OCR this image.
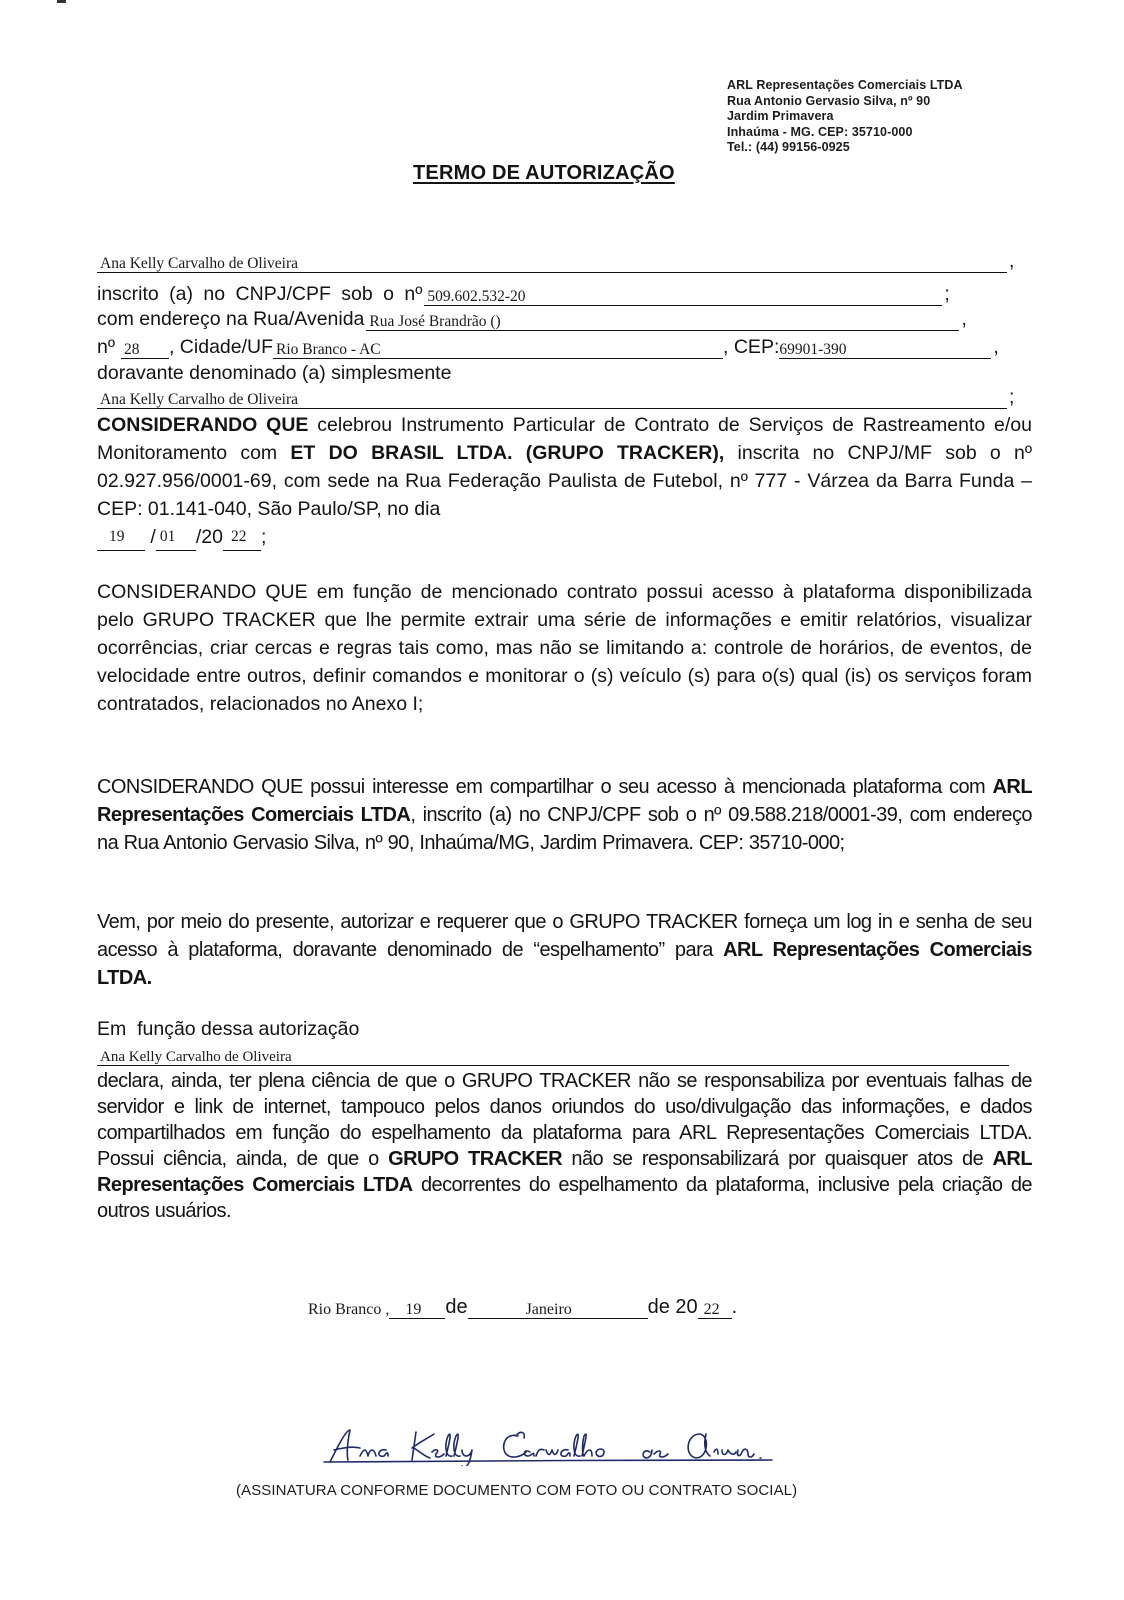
ARL Representações Comerciais LTDA
Rua Antonio Gervasio Silva, nº 90
Jardim Primavera
Inhaúma - MG. CEP: 35710-000
Tel.: (44) 99156-0925
TERMO DE AUTORIZAÇÃO
Ana Kelly Carvalho de Oliveira	,
inscrito (a) no CNPJ/CPF sob o nº 509.602.532-20	;
com endereço na Rua/Avenida Rua José Brandrão ()	,
nº 28 , Cidade/UF Rio Branco - AC	, CEP: 69901-390	,
doravante denominado (a) simplesmente
Ana Kelly Carvalho de Oliveira	;
CONSIDERANDO QUE celebrou Instrumento Particular de Contrato de Serviços de Rastreamento e/ou Monitoramento com ET DO BRASIL LTDA. (GRUPO TRACKER), inscrita no CNPJ/MF sob o nº 02.927.956/0001-69, com sede na Rua Federação Paulista de Futebol, nº 777 - Várzea da Barra Funda – CEP: 01.141-040, São Paulo/SP, no dia

19 / 01 /20 22 ;
CONSIDERANDO QUE em função de mencionado contrato possui acesso à plataforma disponibilizada pelo GRUPO TRACKER que lhe permite extrair uma série de informações e emitir relatórios, visualizar ocorrências, criar cercas e regras tais como, mas não se limitando a: controle de horários, de eventos, de velocidade entre outros, definir comandos e monitorar o (s) veículo (s) para o(s) qual (is) os serviços foram contratados, relacionados no Anexo I;
CONSIDERANDO QUE possui interesse em compartilhar o seu acesso à mencionada plataforma com ARL Representações Comerciais LTDA, inscrito (a) no CNPJ/CPF sob o nº 09.588.218/0001-39, com endereço na Rua Antonio Gervasio Silva, nº 90, Inhaúma/MG, Jardim Primavera. CEP: 35710-000;
Vem, por meio do presente, autorizar e requerer que o GRUPO TRACKER forneça um log in e senha de seu acesso à plataforma, doravante denominado de “espelhamento” para ARL Representações Comerciais LTDA.
Em  função dessa autorização
Ana Kelly Carvalho de Oliveira
declara, ainda, ter plena ciência de que o GRUPO TRACKER não se responsabiliza por eventuais falhas de servidor e link de internet, tampouco pelos danos oriundos do uso/divulgação das informações, e dados compartilhados em função do espelhamento da plataforma para ARL Representações Comerciais LTDA. Possui ciência, ainda, de que o GRUPO TRACKER não se responsabilizará por quaisquer atos de ARL Representações Comerciais LTDA decorrentes do espelhamento da plataforma, inclusive pela criação de outros usuários.
Rio Branco , 19 de	Janeiro	de 20 22 .
(ASSINATURA CONFORME DOCUMENTO COM FOTO OU CONTRATO SOCIAL)
